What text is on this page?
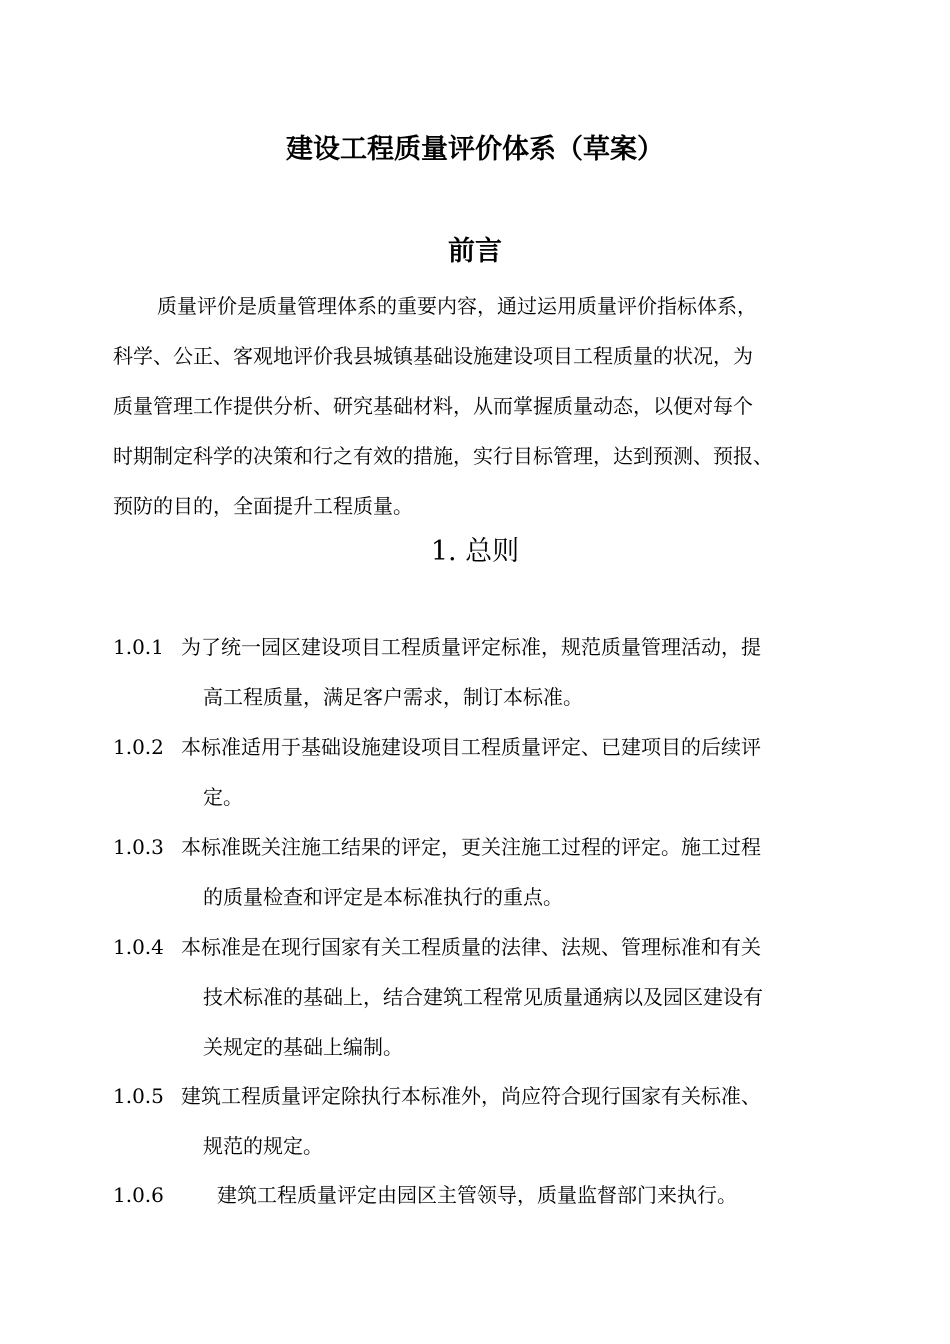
建设工程质量评价体系（草案）
前言
质量评价是质量管理体系的重要内容，通过运用质量评价指标体系，
科学、公正、客观地评价我县城镇基础设施建设项目工程质量的状况，为
质量管理工作提供分析、研究基础材料，从而掌握质量动态，以便对每个
时期制定科学的决策和行之有效的措施，实行目标管理，达到预测、预报、
预防的目的，全面提升工程质量。
1. 总则
1.0.1 为了统一园区建设项目工程质量评定标准，规范质量管理活动，提
高工程质量，满足客户需求，制订本标准。
1.0.2 本标准适用于基础设施建设项目工程质量评定、已建项目的后续评
定。
1.0.3 本标准既关注施工结果的评定，更关注施工过程的评定。施工过程
的质量检查和评定是本标准执行的重点。
1.0.4 本标准是在现行国家有关工程质量的法律、法规、管理标准和有关
技术标准的基础上，结合建筑工程常见质量通病以及园区建设有
关规定的基础上编制。
1.0.5 建筑工程质量评定除执行本标准外，尚应符合现行国家有关标准、
规范的规定。
1.0.6	建筑工程质量评定由园区主管领导，质量监督部门来执行。
